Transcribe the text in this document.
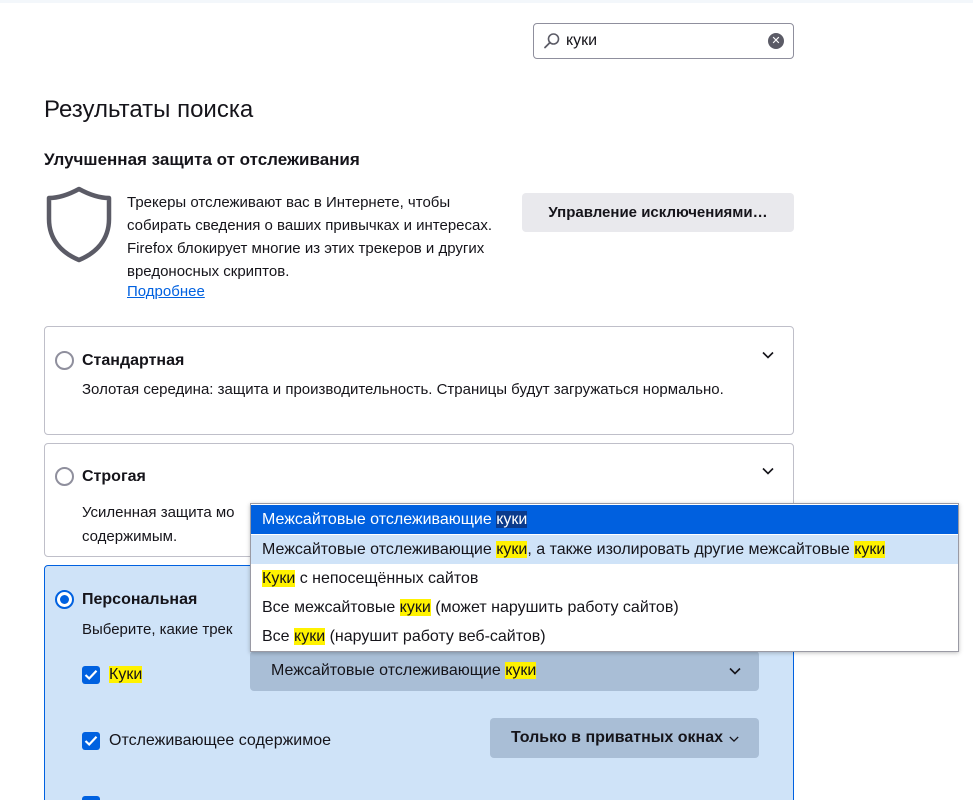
куки
✕
Результаты поиска
Улучшенная защита от отслеживания
Трекеры отслеживают вас в Интернете, чтобы собирать сведения о ваших привычках и интересах. Firefox блокирует многие из этих трекеров и других вредоносных скриптов.
Подробнее
Управление исключениями…
Стандартная
Золотая середина: защита и производительность. Страницы будут загружаться нормально.
Строгая
Усиленная защита мо
содержимым.
Персональная
Выберите, какие трек
Куки	Межсайтовые отслеживающие куки
Отслеживающее содержимое	Только в приватных окнах
Межсайтовые отслеживающие куки
Межсайтовые отслеживающие куки, а также изолировать другие межсайтовые куки
Куки с непосещённых сайтов
Все межсайтовые куки (может нарушить работу сайтов)
Все куки (нарушит работу веб-сайтов)
